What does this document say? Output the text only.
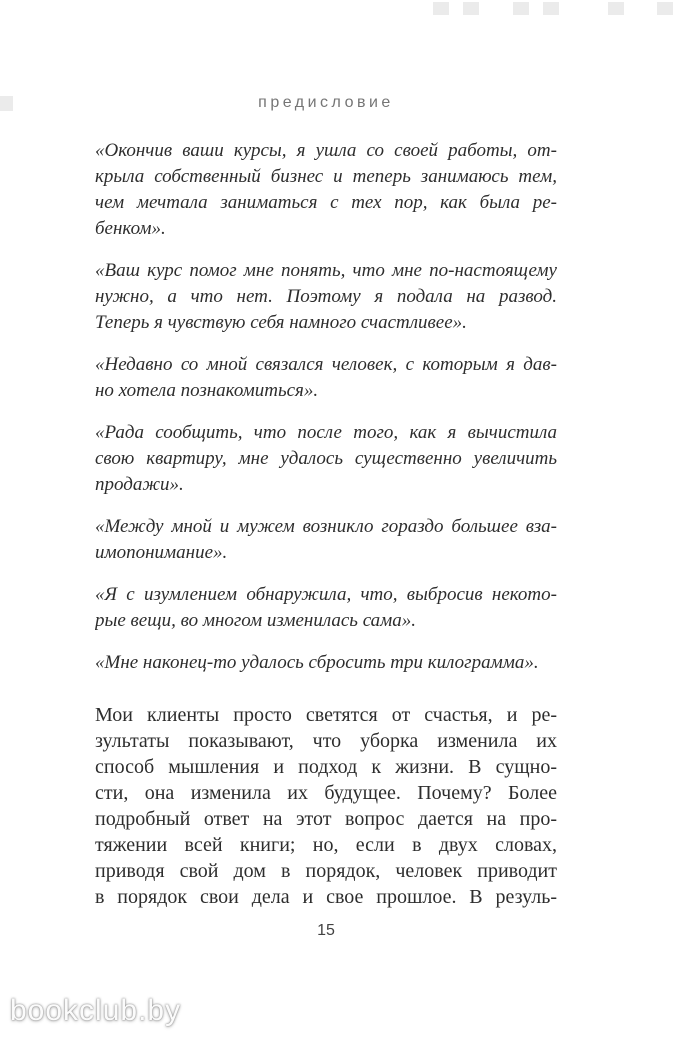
предисловие
«Окончив ваши курсы, я ушла со своей работы, от-
крыла собственный бизнес и теперь занимаюсь тем,
чем мечтала заниматься с тех пор, как была ре-
бенком».
«Ваш курс помог мне понять, что мне по-настоящему
нужно, а что нет. Поэтому я подала на развод.
Теперь я чувствую себя намного счастливее».
«Недавно со мной связался человек, с которым я дав-
но хотела познакомиться».
«Рада сообщить, что после того, как я вычистила
свою квартиру, мне удалось существенно увеличить
продажи».
«Между мной и мужем возникло гораздо большее вза-
имопонимание».
«Я с изумлением обнаружила, что, выбросив некото-
рые вещи, во многом изменилась сама».
«Мне наконец-то удалось сбросить три килограмма».
Мои клиенты просто светятся от счастья, и ре-
зультаты показывают, что уборка изменила их
способ мышления и подход к жизни. В сущно-
сти, она изменила их будущее. Почему? Более
подробный ответ на этот вопрос дается на про-
тяжении всей книги; но, если в двух словах,
приводя свой дом в порядок, человек приводит
в порядок свои дела и свое прошлое. В резуль-
15
bookclub.by
